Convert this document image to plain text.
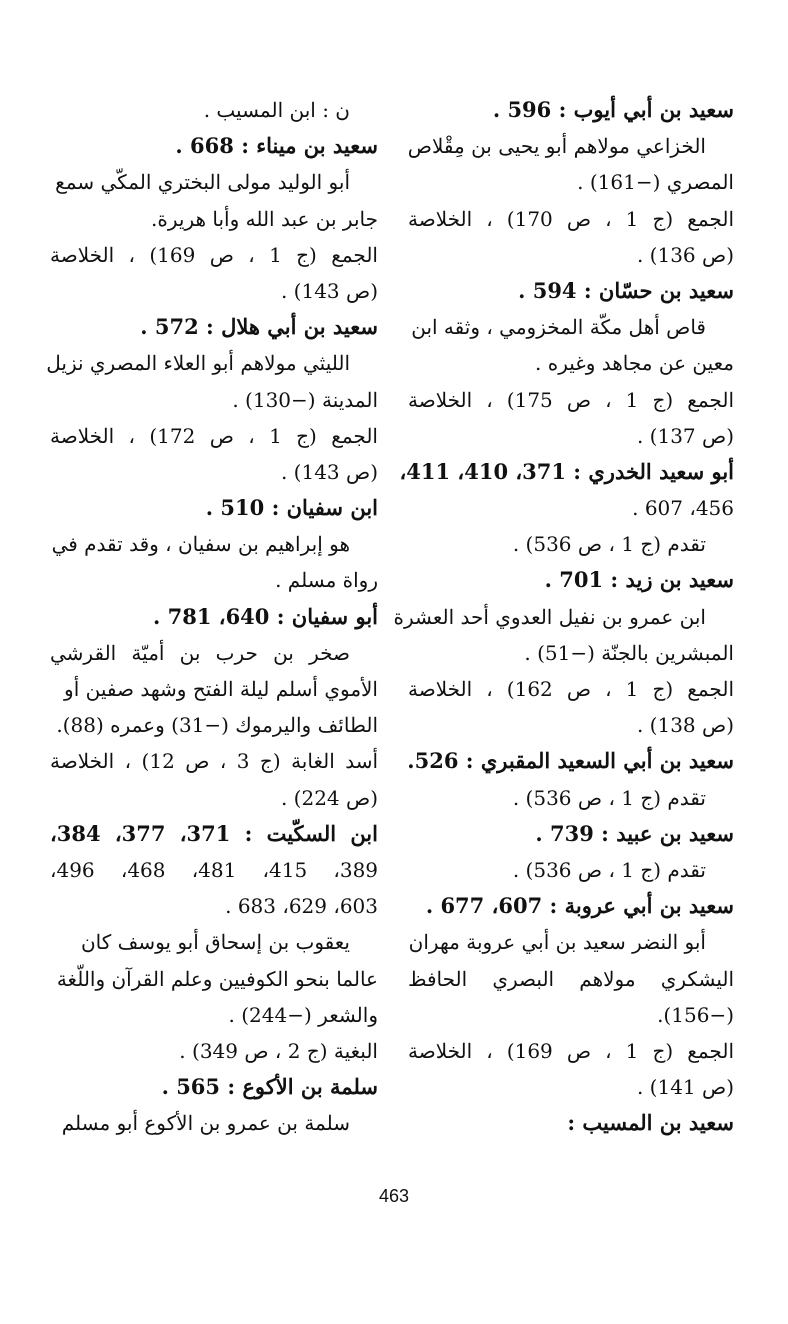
سعيد بن أبي أيوب : 596 .
الخزاعي مولاهم أبو يحيى بن مِقْلاص
المصري (−161) .
الجمع (ج 1 ، ص 170) ، الخلاصة
(ص 136) .
سعيد بن حسّان : 594 .
قاص أهل مكّة المخزومي ، وثقه ابن
معين عن مجاهد وغيره .
الجمع (ج 1 ، ص 175) ، الخلاصة
(ص 137) .
أبو سعيد الخدري : 371، 410، 411،
456، 607 .
تقدم (ج 1 ، ص 536) .
سعيد بن زيد : 701 .
ابن عمرو بن نفيل العدوي أحد العشرة
المبشرين بالجنّة (−51) .
الجمع (ج 1 ، ص 162) ، الخلاصة
(ص 138) .
سعيد بن أبي السعيد المقبري : 526.
تقدم (ج 1 ، ص 536) .
سعيد بن عبيد : 739 .
تقدم (ج 1 ، ص 536) .
سعيد بن أبي عروبة : 607، 677 .
أبو النضر سعيد بن أبي عروبة مهران
اليشكري مولاهم البصري الحافظ
(−156).
الجمع (ج 1 ، ص 169) ، الخلاصة
(ص 141) .
سعيد بن المسيب :
ن : ابن المسيب .
سعيد بن ميناء : 668 .
أبو الوليد مولى البختري المكّي سمع
جابر بن عبد الله وأبا هريرة.
الجمع (ج 1 ، ص 169) ، الخلاصة
(ص 143) .
سعيد بن أبي هلال : 572 .
الليثي مولاهم أبو العلاء المصري نزيل
المدينة (−130) .
الجمع (ج 1 ، ص 172) ، الخلاصة
(ص 143) .
ابن سفيان : 510 .
هو إبراهيم بن سفيان ، وقد تقدم في
رواة مسلم .
أبو سفيان : 640، 781 .
صخر بن حرب بن أميّة القرشي
الأموي أسلم ليلة الفتح وشهد صفين أو
الطائف واليرموك (−31) وعمره (88).
أسد الغابة (ج 3 ، ص 12) ، الخلاصة
(ص 224) .
ابن السكّيت : 371، 377، 384،
389، 415، 481، 468، 496،
603، 629، 683 .
يعقوب بن إسحاق أبو يوسف كان
عالما بنحو الكوفيين وعلم القرآن واللّغة
والشعر (−244) .
البغية (ج 2 ، ص 349) .
سلمة بن الأكوع : 565 .
سلمة بن عمرو بن الأكوع أبو مسلم
463
